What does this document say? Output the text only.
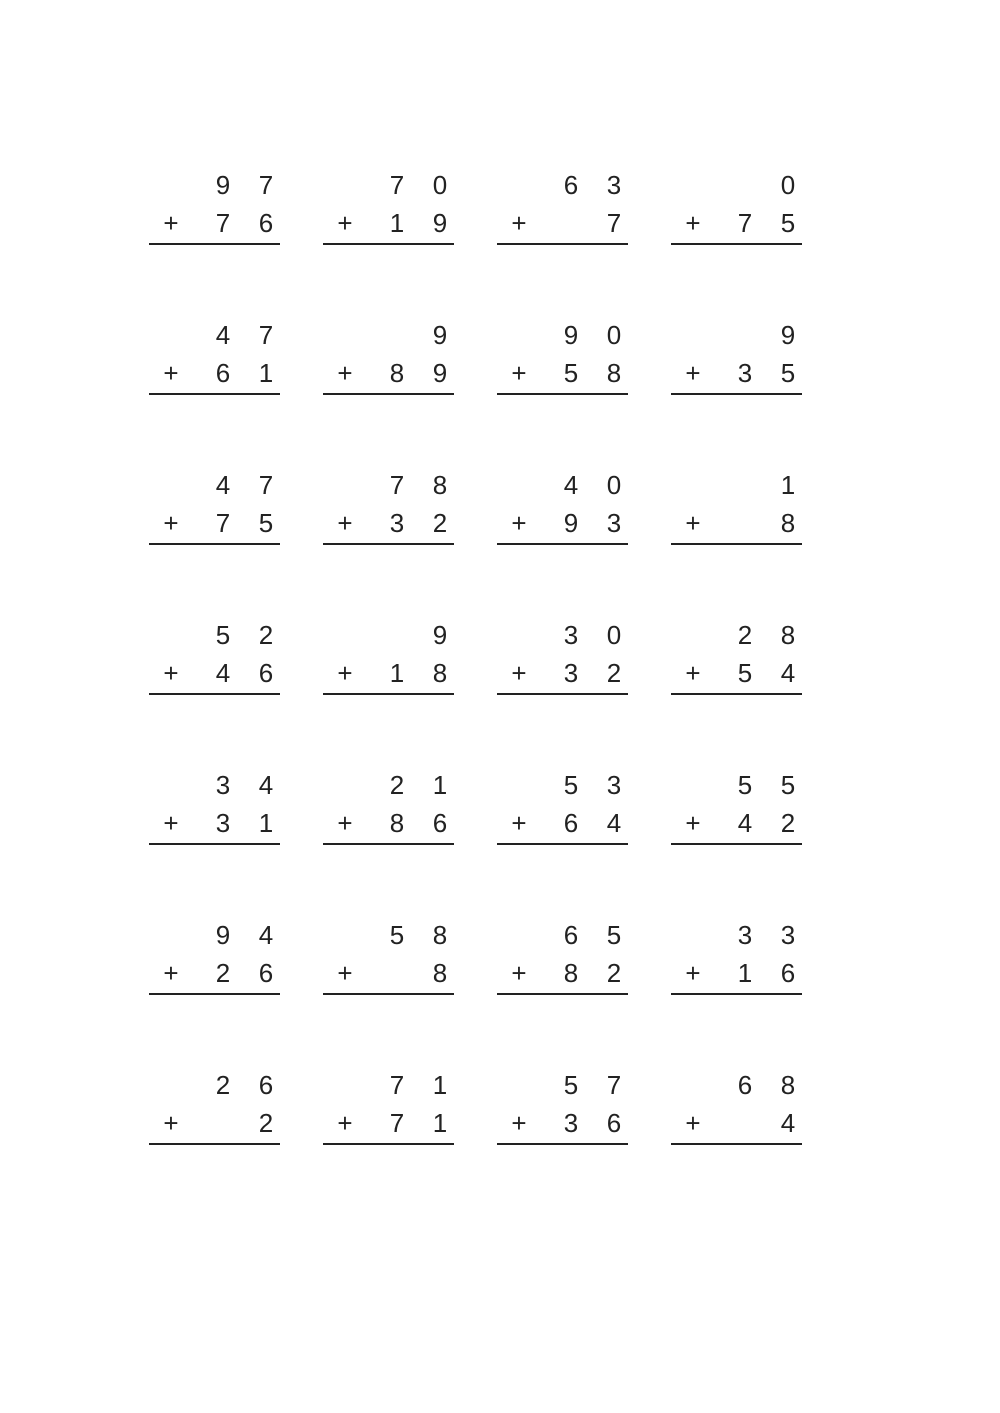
9 7
+ 7 6
7 0
+ 1 9
6 3
+	7
0
+ 7 5
4 7
+ 6 1
9
+ 8 9
9 0
+ 5 8
9
+ 3 5
4 7
+ 7 5
7 8
+ 3 2
4 0
+ 9 3
1
+	8
5 2
+ 4 6
9
+ 1 8
3 0
+ 3 2
2 8
+ 5 4
3 4
+ 3 1
2 1
+ 8 6
5 3
+ 6 4
5 5
+ 4 2
9 4
+ 2 6
5 8
+	8
6 5
+ 8 2
3 3
+ 1 6
2 6
+	2
7 1
+ 7 1
5 7
+ 3 6
6 8
+	4
